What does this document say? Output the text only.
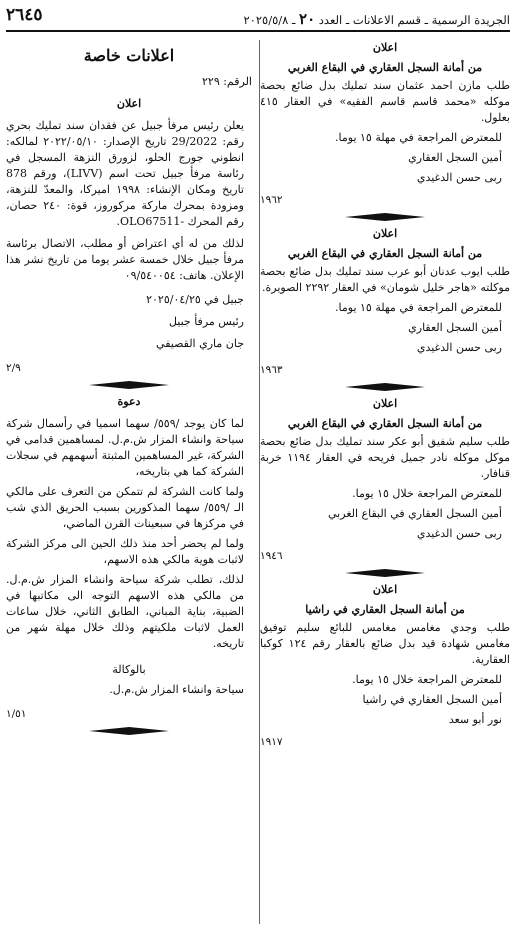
الجريدة الرسمية ـ قسم الاعلانات ـ العدد ٢٠ ـ ٢٠٢٥/٥/٨
٢٦٤٥

اعلان

من أمانة السجل العقاري في البقاع الغربي

طلب مازن احمد عثمان سند تمليك بدل ضائع بحصة موكله «محمد قاسم قاسم الفقيه» في العقار ٤١٥ بعلول.

للمعترض المراجعة في مهلة ١٥ يوما.

أمين السجل العقاري

ربى حسن الدغيدي

١٩٦٢

اعلان

من أمانة السجل العقاري في البقاع الغربي

طلب ايوب عدنان أبو عرب سند تمليك بدل ضائع بحصة موكلته «هاجر خليل شومان» في العقار ٢٢٩٢ الصويرة.

للمعترض المراجعة في مهلة ١٥ يوما.

أمين السجل العقاري

ربى حسن الدغيدي

١٩٦٣

اعلان

من أمانة السجل العقاري في البقاع الغربي

طلب سليم شفيق أبو عكر سند تمليك بدل ضائع بحصة موكل موكله نادر جميل فريحه في العقار ١١٩٤ خربة قنافار.

للمعترض المراجعة خلال ١٥ يوما.

أمين السجل العقاري في البقاع الغربي

ربى حسن الدغيدي

١٩٤٦

اعلان

من أمانة السجل العقاري في راشيا

طلب وجدي مغامس مغامس للبائع سليم توفيق مغامس شهادة قيد بدل ضائع بالعقار رقم ١٢٤ كوكبا العقارية.

للمعترض المراجعة خلال ١٥ يوما.

أمين السجل العقاري في راشيا

نور أبو سعد

١٩١٧
اعلانات خاصة

الرقم: ٢٢٩

اعلان

يعلن رئيس مرفأ جبيل عن فقدان سند تمليك بحري رقم: 29/2022 تاريخ الإصدار: ٢٠٢٢/٠٥/١٠ لمالكه: انطوني جورج الحلو، لزورق النزهة المسجل في رئاسة مرفأ جبيل تحت اسم (LIVV)، ورقم 878 تاريخ ومكان الإنشاء: ١٩٩٨ اميركا، والمعدّ للنزهة، ومزودة بمحرك ماركة مركوروز، قوة: ٢٤٠ حصان، رقم المحرك -OLO67511.

لذلك من له أي اعتراض أو مطلب، الاتصال برئاسة مرفأ جبيل خلال خمسة عشر يوما من تاريخ نشر هذا الإعلان. هاتف: ٠٩/٥٤٠٠٥٤

جبيل في ٢٠٢٥/٠٤/٢٥

رئيس مرفأ جبيل

جان ماري القصيفي

٢/٩

دعوة

لما كان يوجد /٥٥٩/ سهما اسميا في رأسمال شركة سياحة وانشاء المزار ش.م.ل. لمساهمين قدامى في الشركة، غير المساهمين المثبتة أسهمهم في سجلات الشركة كما هي بتاريخه،

ولما كانت الشركة لم تتمكن من التعرف على مالكي الـ /٥٥٩/ سهما المذكورين بسبب الحريق الذي شب في مركزها في سبعينات القرن الماضي،

ولما لم يحضر أحد منذ ذلك الحين الى مركز الشركة لاثبات هوية مالكي هذه الاسهم،

لذلك، تطلب شركة سياحة وانشاء المزار ش.م.ل. من مالكي هذه الاسهم التوجه الى مكاتبها في الضبية، بناية المباني، الطابق الثاني، خلال ساعات العمل لاثبات ملكيتهم وذلك خلال مهلة شهر من تاريخه.

بالوكالة

سياحة وانشاء المزار ش.م.ل.

١/٥١
